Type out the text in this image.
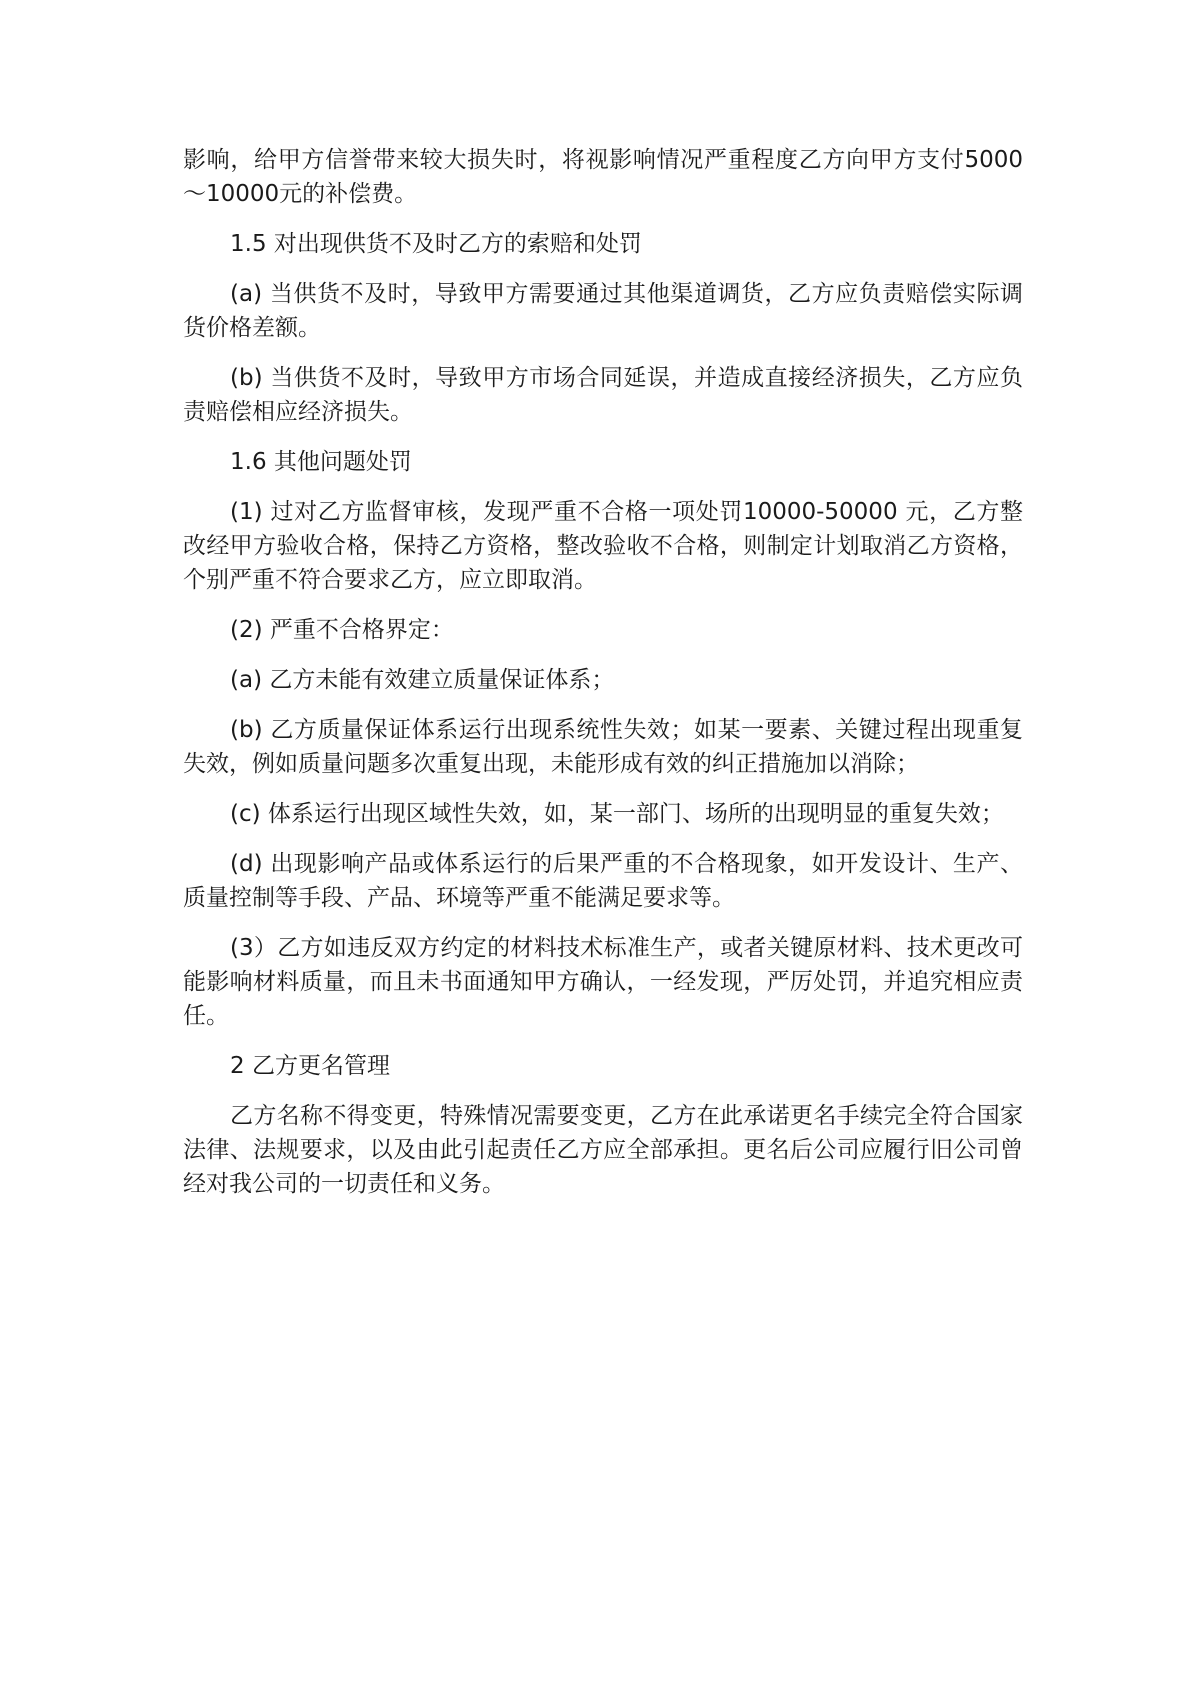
影响，给甲方信誉带来较大损失时，将视影响情况严重程度乙方向甲方支付5000～10000元的补偿费。

1.5 对出现供货不及时乙方的索赔和处罚

(a) 当供货不及时，导致甲方需要通过其他渠道调货，乙方应负责赔偿实际调货价格差额。

(b) 当供货不及时，导致甲方市场合同延误，并造成直接经济损失，乙方应负责赔偿相应经济损失。

1.6 其他问题处罚

(1) 过对乙方监督审核，发现严重不合格一项处罚10000-50000 元，乙方整改经甲方验收合格，保持乙方资格，整改验收不合格，则制定计划取消乙方资格，个别严重不符合要求乙方，应立即取消。

(2) 严重不合格界定：

(a) 乙方未能有效建立质量保证体系；

(b) 乙方质量保证体系运行出现系统性失效；如某一要素、关键过程出现重复失效，例如质量问题多次重复出现，未能形成有效的纠正措施加以消除；

(c) 体系运行出现区域性失效，如，某一部门、场所的出现明显的重复失效；

(d) 出现影响产品或体系运行的后果严重的不合格现象，如开发设计、生产、质量控制等手段、产品、环境等严重不能满足要求等。

(3）乙方如违反双方约定的材料技术标准生产，或者关键原材料、技术更改可能影响材料质量，而且未书面通知甲方确认，一经发现，严厉处罚，并追究相应责任。

2 乙方更名管理

乙方名称不得变更，特殊情况需要变更，乙方在此承诺更名手续完全符合国家法律、法规要求，以及由此引起责任乙方应全部承担。更名后公司应履行旧公司曾经对我公司的一切责任和义务。
